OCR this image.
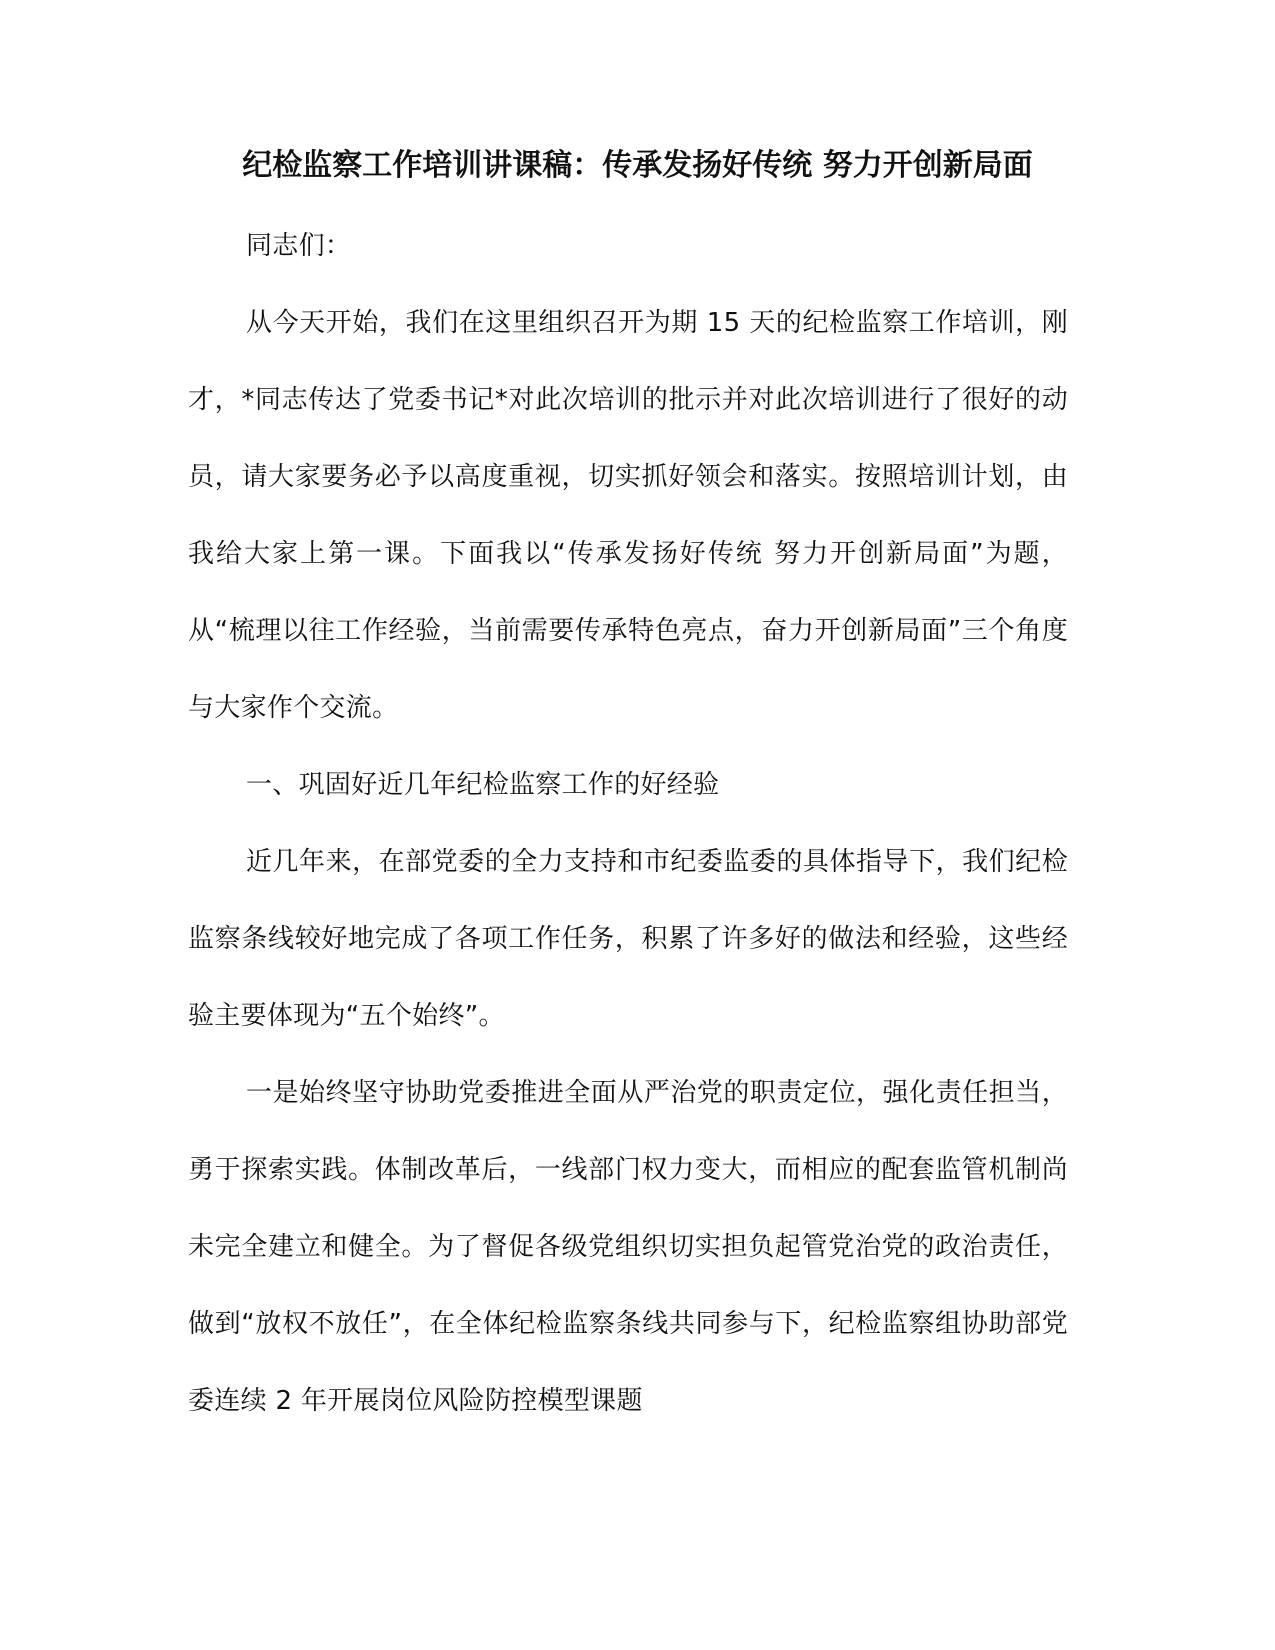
纪检监察工作培训讲课稿：传承发扬好传统 努力开创新局面

同志们：

从今天开始，我们在这里组织召开为期 15 天的纪检监察工作培训，刚才，*同志传达了党委书记*对此次培训的批示并对此次培训进行了很好的动员，请大家要务必予以高度重视，切实抓好领会和落实。按照培训计划，由我给大家上第一课。下面我以“传承发扬好传统 努力开创新局面”为题，从“梳理以往工作经验，当前需要传承特色亮点，奋力开创新局面”三个角度与大家作个交流。

一、巩固好近几年纪检监察工作的好经验

近几年来，在部党委的全力支持和市纪委监委的具体指导下，我们纪检监察条线较好地完成了各项工作任务，积累了许多好的做法和经验，这些经验主要体现为“五个始终”。

一是始终坚守协助党委推进全面从严治党的职责定位，强化责任担当，勇于探索实践。体制改革后，一线部门权力变大，而相应的配套监管机制尚未完全建立和健全。为了督促各级党组织切实担负起管党治党的政治责任，做到“放权不放任”，在全体纪检监察条线共同参与下，纪检监察组协助部党委连续 2 年开展岗位风险防控模型课题
